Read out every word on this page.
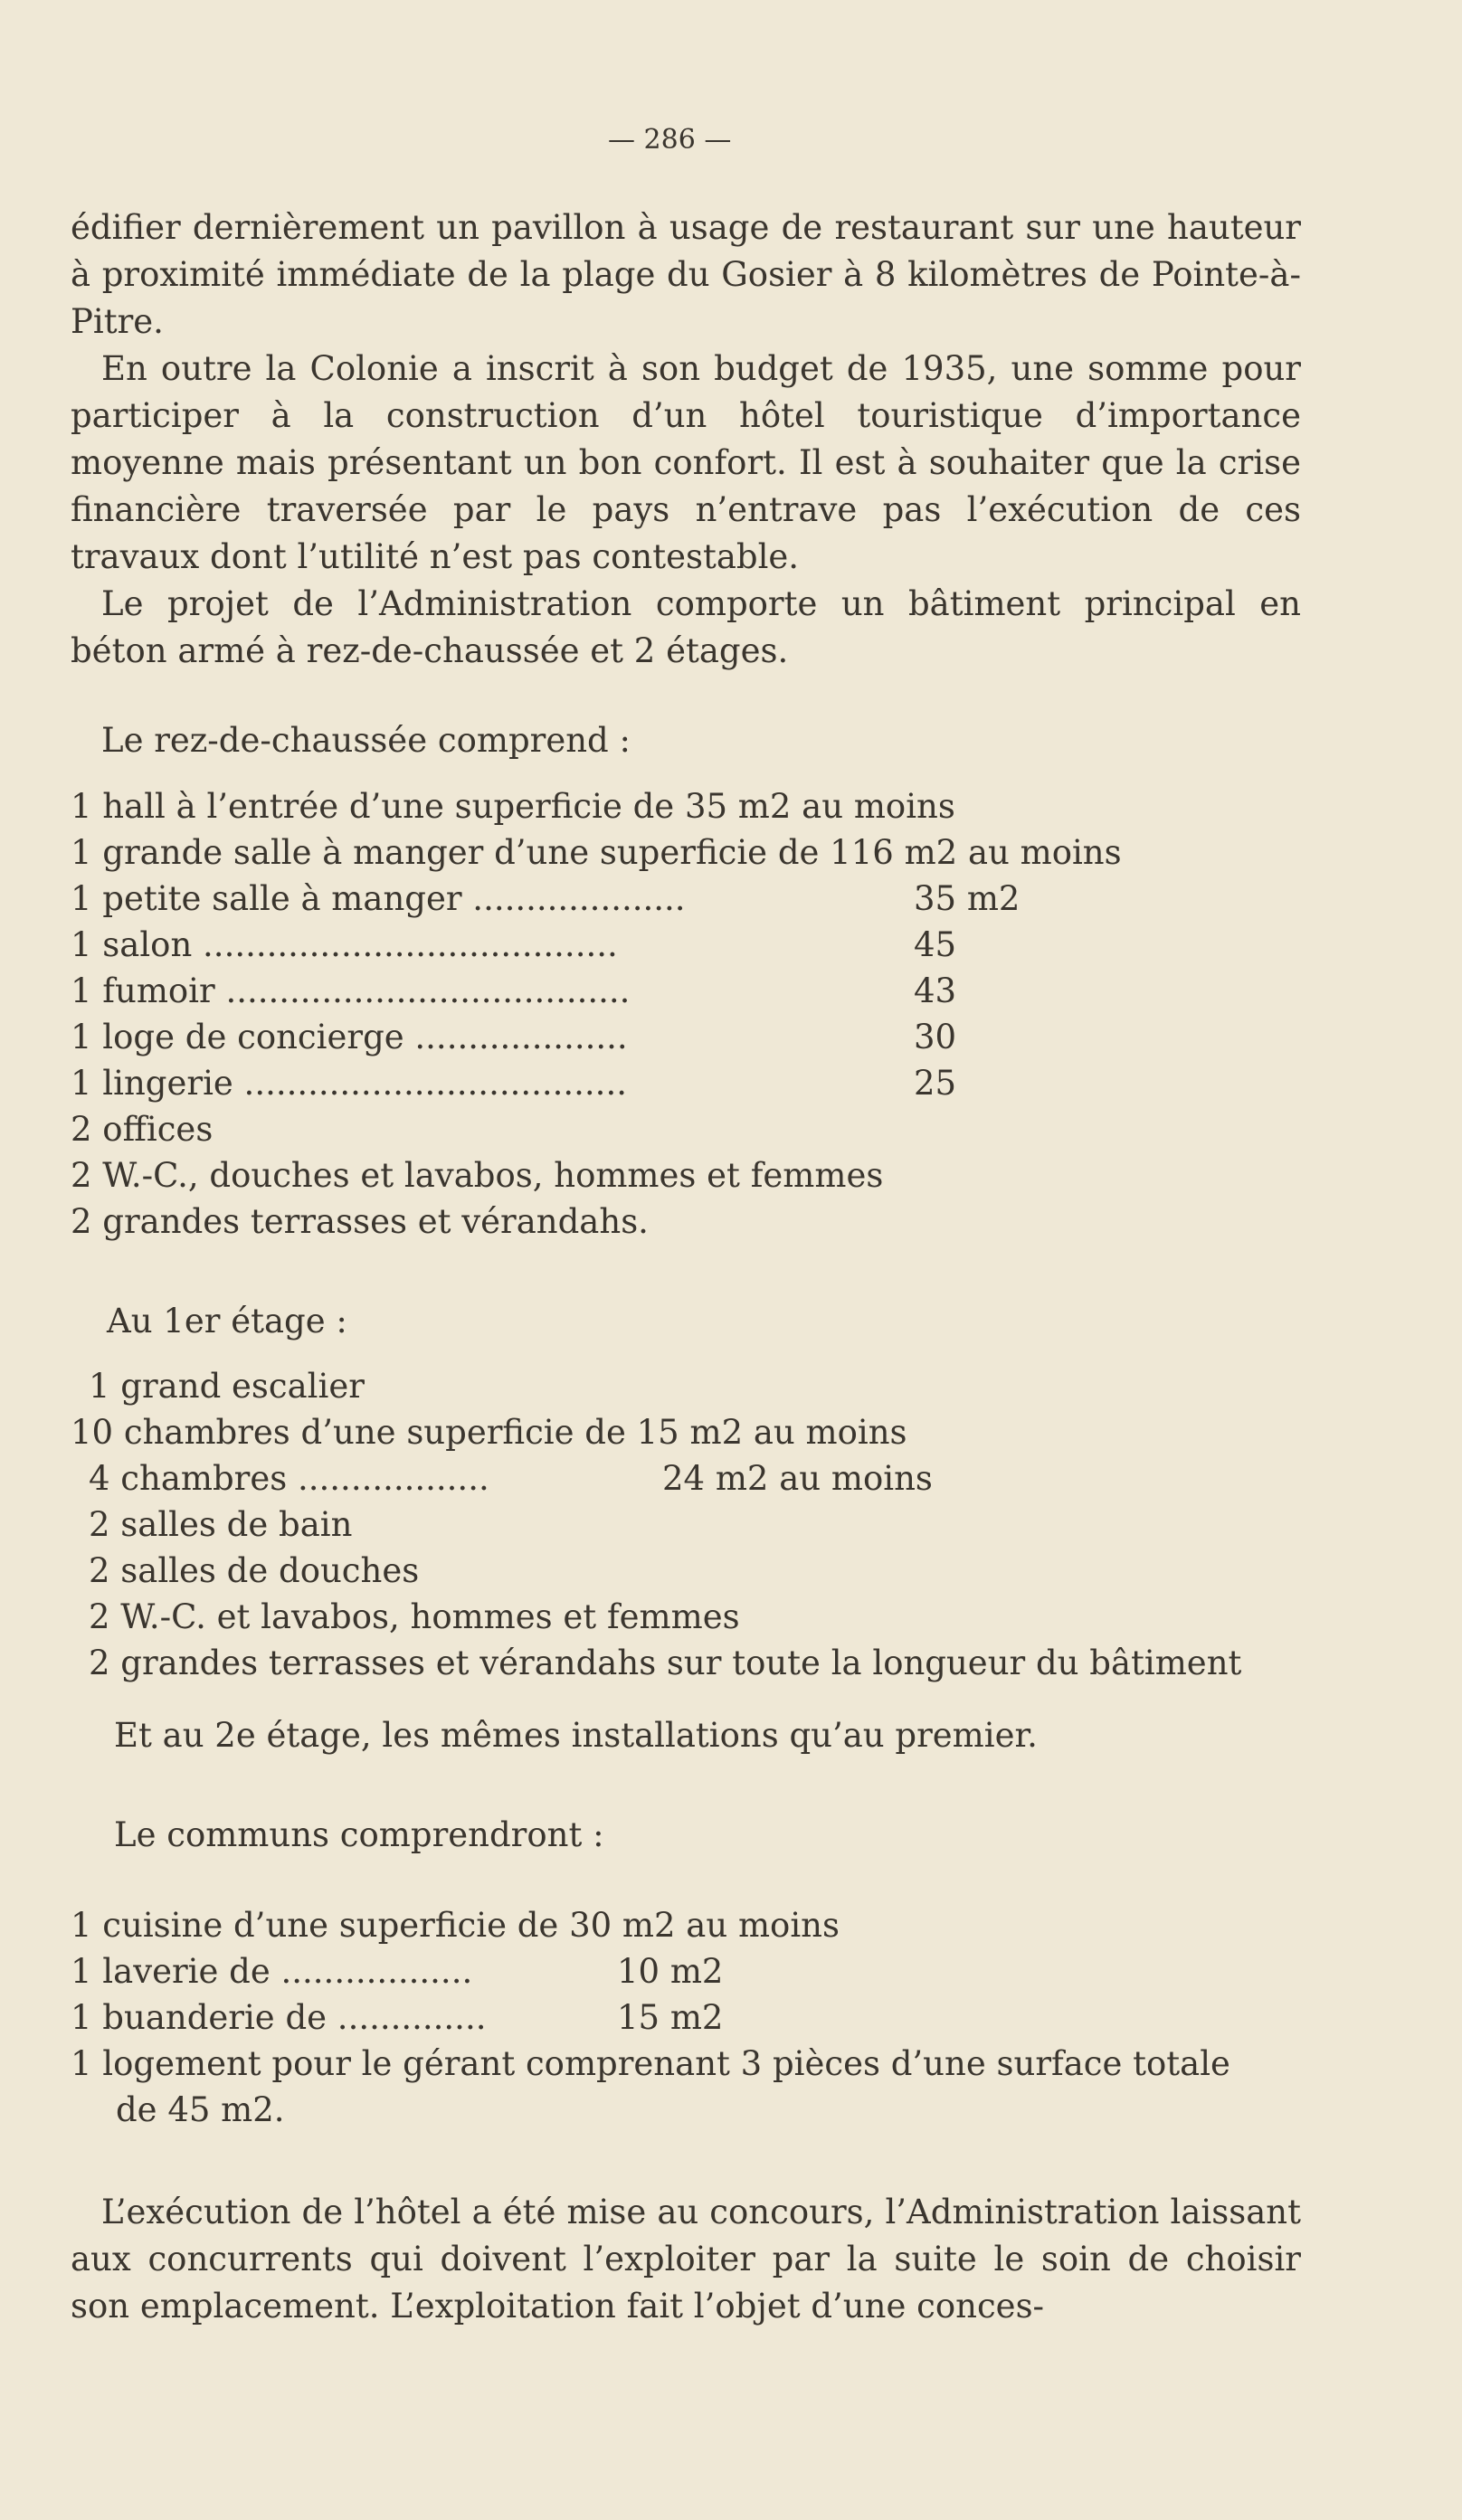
— 286 —
édifier dernièrement un pavillon à usage de restaurant sur une hauteur à proximité immédiate de la plage du Gosier à 8 kilomètres de Pointe-à-Pitre.
En outre la Colonie a inscrit à son budget de 1935, une somme pour participer à la construction d’un hôtel touristique d’importance moyenne mais présentant un bon confort. Il est à souhaiter que la crise financière traversée par le pays n’entrave pas l’exécution de ces travaux dont l’utilité n’est pas contestable.
Le projet de l’Administration comporte un bâtiment principal en béton armé à rez-de-chaussée et 2 étages.
Le rez-de-chaussée comprend :
1 hall à l’entrée d’une superficie de 35 m2 au moins
1 grande salle à manger d’une superficie de 116 m2 au moins
1 petite salle à manger ....................	35 m2
1 salon .......................................	45
1 fumoir ......................................	43
1 loge de concierge ....................	30
1 lingerie ....................................	25
2 offices
2 W.-C., douches et lavabos, hommes et femmes
2 grandes terrasses et vérandahs.
Au 1er étage :
1 grand escalier
10 chambres d’une superficie de 15 m2 au moins
4 chambres ..................	24 m2 au moins
2 salles de bain
2 salles de douches
2 W.-C. et lavabos, hommes et femmes
2 grandes terrasses et vérandahs sur toute la longueur du bâtiment
Et au 2e étage, les mêmes installations qu’au premier.
Le communs comprendront :
1 cuisine d’une superficie de 30 m2 au moins
1 laverie de ..................	10 m2
1 buanderie de ..............	15 m2
1 logement pour le gérant comprenant 3 pièces d’une surface totale
de 45 m2.
L’exécution de l’hôtel a été mise au concours, l’Administration laissant aux concurrents qui doivent l’exploiter par la suite le soin de choisir son emplacement. L’exploitation fait l’objet d’une conces-
